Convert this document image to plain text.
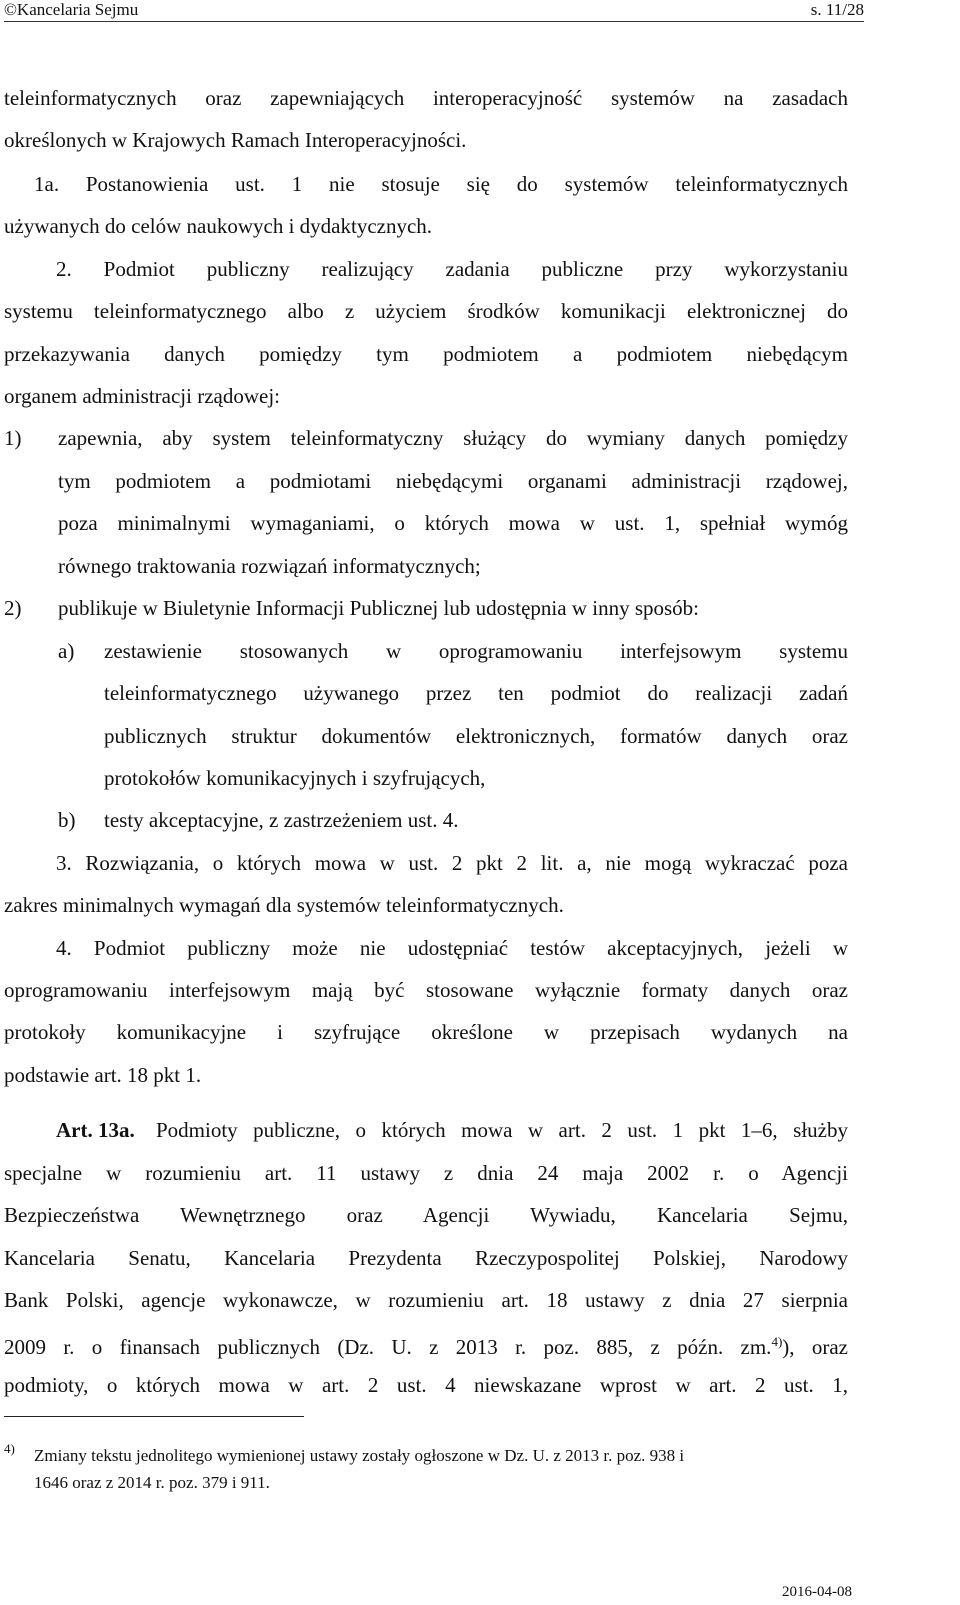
©Kancelaria Sejmu	s. 11/28
teleinformatycznych oraz zapewniających interoperacyjność systemów na zasadach
określonych w Krajowych Ramach Interoperacyjności.
1a. Postanowienia ust. 1 nie stosuje się do systemów teleinformatycznych
używanych do celów naukowych i dydaktycznych.
2. Podmiot publiczny realizujący zadania publiczne przy wykorzystaniu
systemu teleinformatycznego albo z użyciem środków komunikacji elektronicznej do
przekazywania danych pomiędzy tym podmiotem a podmiotem niebędącym
organem administracji rządowej:
1)	zapewnia, aby system teleinformatyczny służący do wymiany danych pomiędzy
tym podmiotem a podmiotami niebędącymi organami administracji rządowej,
poza minimalnymi wymaganiami, o których mowa w ust. 1, spełniał wymóg
równego traktowania rozwiązań informatycznych;
2)	publikuje w Biuletynie Informacji Publicznej lub udostępnia w inny sposób:
a)	zestawienie stosowanych w oprogramowaniu interfejsowym systemu
teleinformatycznego używanego przez ten podmiot do realizacji zadań
publicznych struktur dokumentów elektronicznych, formatów danych oraz
protokołów komunikacyjnych i szyfrujących,
b)	testy akceptacyjne, z zastrzeżeniem ust. 4.
3. Rozwiązania, o których mowa w ust. 2 pkt 2 lit. a, nie mogą wykraczać poza
zakres minimalnych wymagań dla systemów teleinformatycznych.
4. Podmiot publiczny może nie udostępniać testów akceptacyjnych, jeżeli w
oprogramowaniu interfejsowym mają być stosowane wyłącznie formaty danych oraz
protokoły komunikacyjne i szyfrujące określone w przepisach wydanych na
podstawie art. 18 pkt 1.
Art. 13a.	Podmioty publiczne, o których mowa w art. 2 ust. 1 pkt 1–6, służby
specjalne w rozumieniu art. 11 ustawy z dnia 24 maja 2002 r. o Agencji
Bezpieczeństwa Wewnętrznego oraz Agencji Wywiadu, Kancelaria Sejmu,
Kancelaria Senatu, Kancelaria Prezydenta Rzeczypospolitej Polskiej, Narodowy
Bank Polski, agencje wykonawcze, w rozumieniu art. 18 ustawy z dnia 27 sierpnia
2009 r. o finansach publicznych (Dz. U. z 2013 r. poz. 885, z późn. zm.$^{4)}$), oraz
podmioty, o których mowa w art. 2 ust. 4 niewskazane wprost w art. 2 ust. 1,
4) Zmiany tekstu jednolitego wymienionej ustawy zostały ogłoszone w Dz. U. z 2013 r. poz. 938 i
1646 oraz z 2014 r. poz. 379 i 911.
2016-04-08
